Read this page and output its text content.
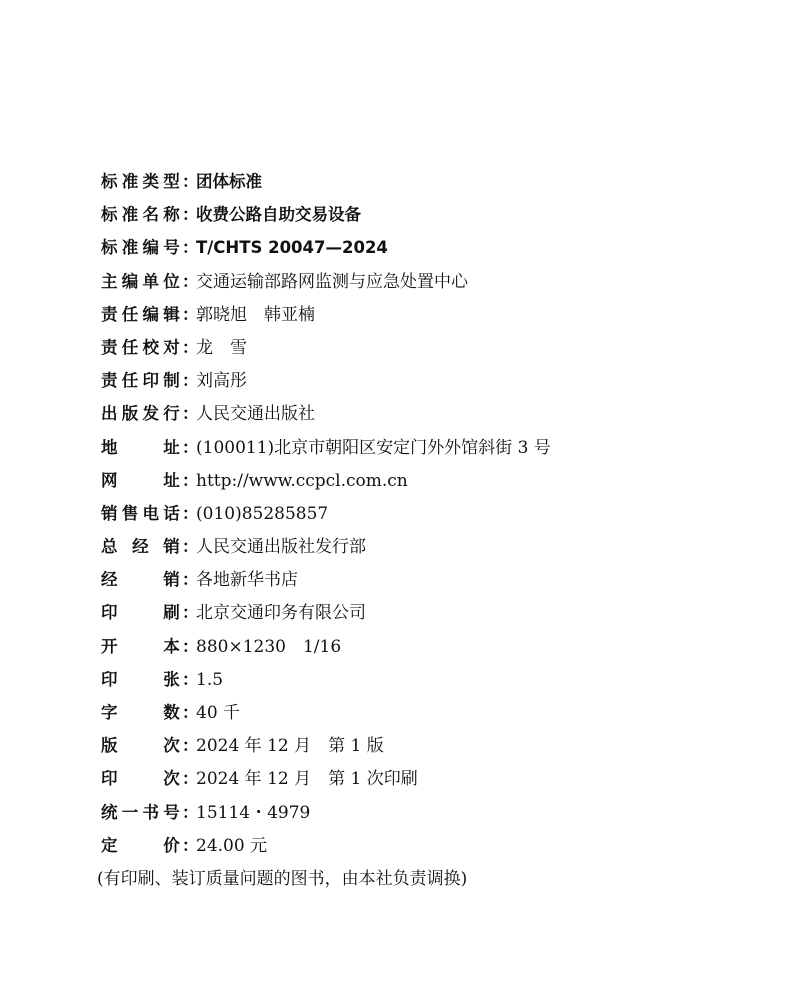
标准类型 ：
团体标准
标准名称 ：
收费公路自助交易设备
标准编号 ：
T/CHTS 20047—2024
主编单位 ：
交通运输部路网监测与应急处置中心
责任编辑 ：
郭晓旭　韩亚楠
责任校对 ：
龙　雪
责任印制 ：
刘高彤
出版发行 ：
人民交通出版社
地　　址 ：
(100011)北京市朝阳区安定门外外馆斜街 3 号
网　　址 ：
http://www.ccpcl.com.cn
销售电话 ：
(010)85285857
总 经 销 ：
人民交通出版社发行部
经　　销 ：
各地新华书店
印　　刷 ：
北京交通印务有限公司
开　　本 ：
880×1230　1/16
印　　张 ：
1.5
字　　数 ：
40 千
版　　次 ：
2024 年 12 月　第 1 版
印　　次 ：
2024 年 12 月　第 1 次印刷
统一书号 ：
15114・4979
定　　价 ：
24.00 元
(有印刷、装订质量问题的图书，由本社负责调换)
